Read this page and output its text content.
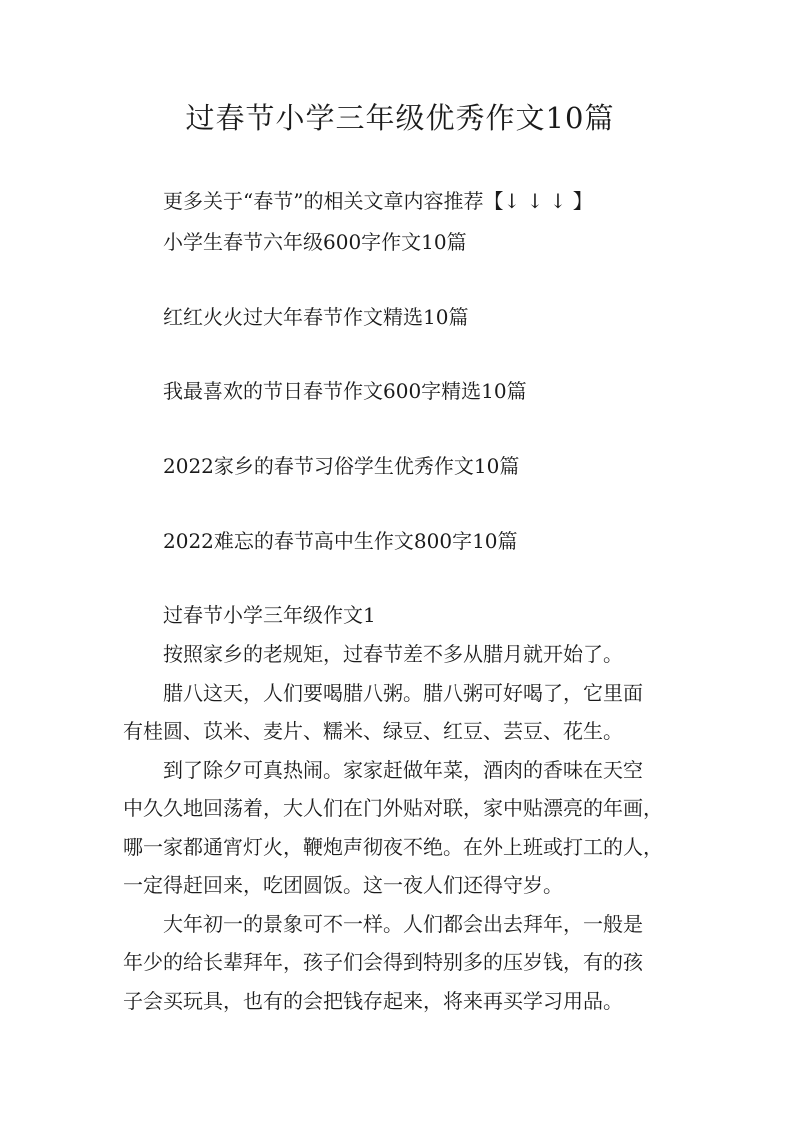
过春节小学三年级优秀作文10篇

更多关于“春节”的相关文章内容推荐【↓ ↓ ↓ 】

小学生春节六年级600字作文10篇

红红火火过大年春节作文精选10篇

我最喜欢的节日春节作文600字精选10篇

2022家乡的春节习俗学生优秀作文10篇

2022难忘的春节高中生作文800字10篇

过春节小学三年级作文1

按照家乡的老规矩，过春节差不多从腊月就开始了。

腊八这天，人们要喝腊八粥。腊八粥可好喝了，它里面

有桂圆、苡米、麦片、糯米、绿豆、红豆、芸豆、花生。

到了除夕可真热闹。家家赶做年菜，酒肉的香味在天空

中久久地回荡着，大人们在门外贴对联，家中贴漂亮的年画，

哪一家都通宵灯火，鞭炮声彻夜不绝。在外上班或打工的人，

一定得赶回来，吃团圆饭。这一夜人们还得守岁。

大年初一的景象可不一样。人们都会出去拜年，一般是

年少的给长辈拜年，孩子们会得到特别多的压岁钱，有的孩

子会买玩具，也有的会把钱存起来，将来再买学习用品。
